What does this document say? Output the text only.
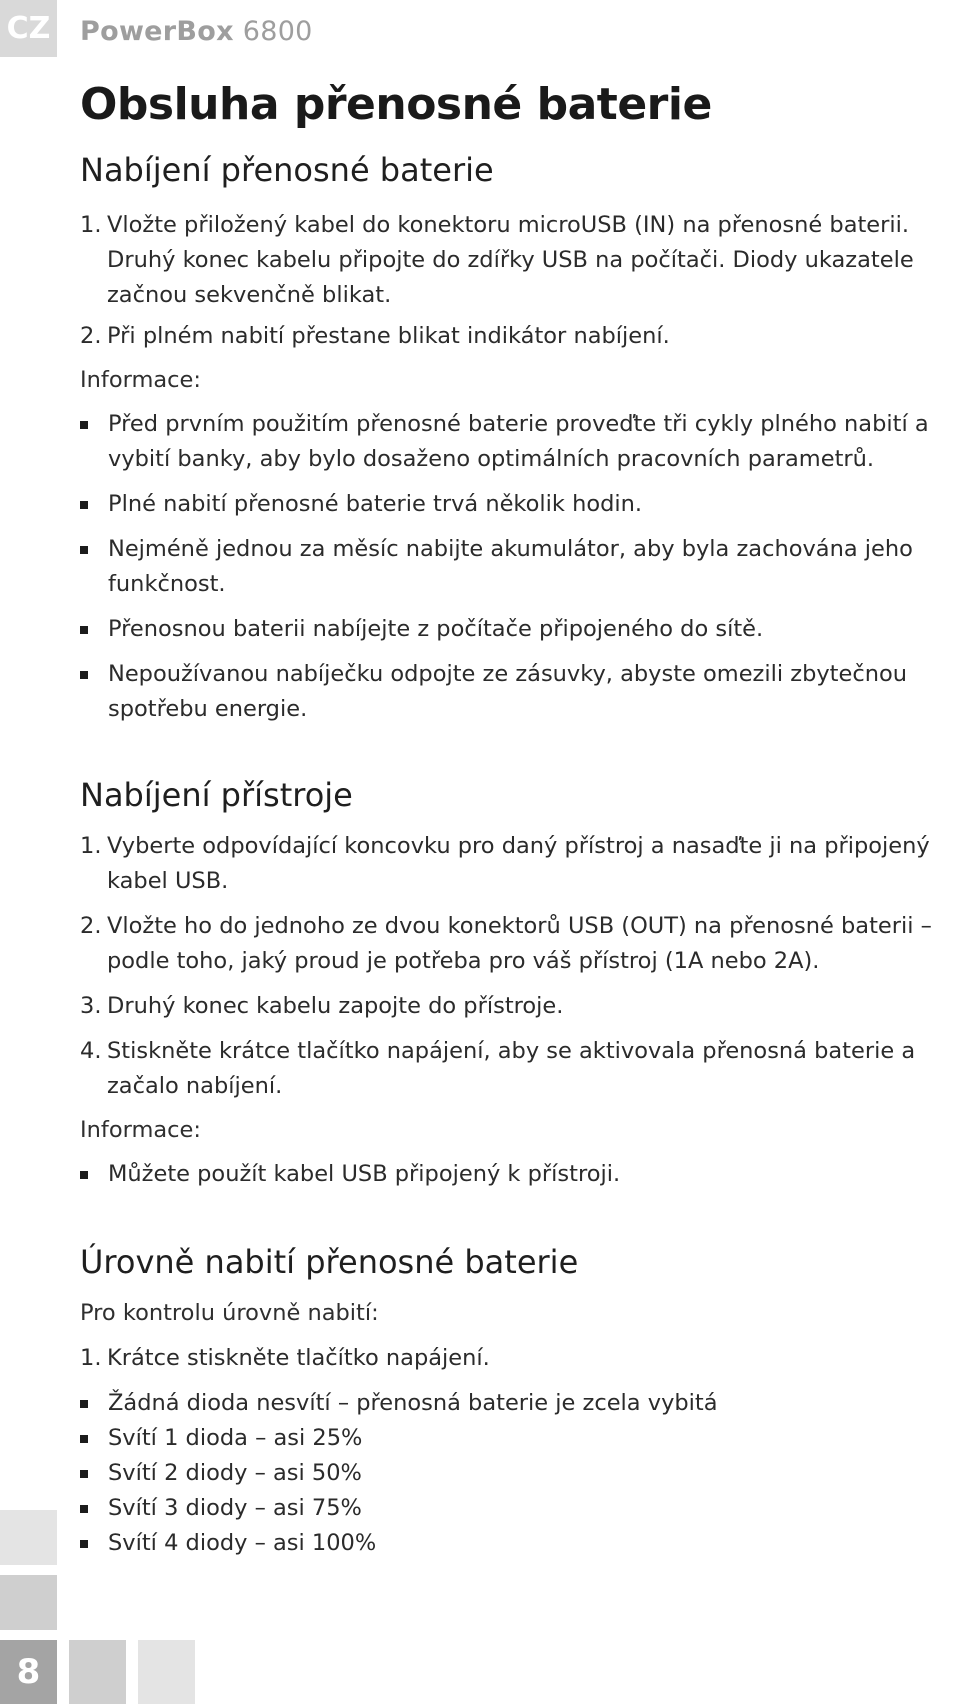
CZ PowerBox 6800
Obsluha přenosné baterie
Nabíjení přenosné baterie
1. Vložte přiložený kabel do konektoru microUSB (IN) na přenosné baterii. Druhý konec kabelu připojte do zdířky USB na počítači. Diody ukazatele začnou sekvenčně blikat.
2. Při plném nabití přestane blikat indikátor nabíjení.
Informace:
Před prvním použitím přenosné baterie proveďte tři cykly plného nabití a vybití banky, aby bylo dosaženo optimálních pracovních parametrů.
Plné nabití přenosné baterie trvá několik hodin.
Nejméně jednou za měsíc nabijte akumulátor, aby byla zachována jeho funkčnost.
Přenosnou baterii nabíjejte z počítače připojeného do sítě.
Nepoužívanou nabíječku odpojte ze zásuvky, abyste omezili zbytečnou spotřebu energie.
Nabíjení přístroje
1. Vyberte odpovídající koncovku pro daný přístroj a nasaďte ji na připojený kabel USB.
2. Vložte ho do jednoho ze dvou konektorů USB (OUT) na přenosné baterii – podle toho, jaký proud je potřeba pro váš přístroj (1A nebo 2A).
3. Druhý konec kabelu zapojte do přístroje.
4. Stiskněte krátce tlačítko napájení, aby se aktivovala přenosná baterie a začalo nabíjení.
Informace:
Můžete použít kabel USB připojený k přístroji.
Úrovně nabití přenosné baterie
Pro kontrolu úrovně nabití:
1. Krátce stiskněte tlačítko napájení.
Žádná dioda nesvítí – přenosná baterie je zcela vybitá
Svítí 1 dioda – asi 25%
Svítí 2 diody – asi 50%
Svítí 3 diody – asi 75%
Svítí 4 diody – asi 100%
8
